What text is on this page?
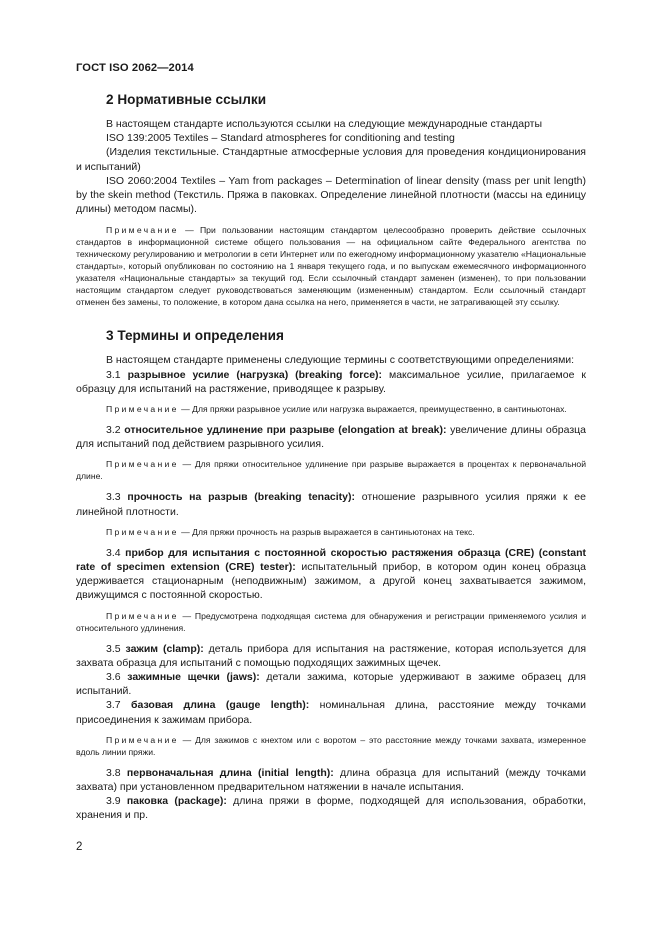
ГОСТ ISO 2062—2014
2 Нормативные ссылки

В настоящем стандарте используются ссылки на следующие международные стандарты

ISO 139:2005 Textiles – Standard atmospheres for conditioning and testing

(Изделия текстильные. Стандартные атмосферные условия для проведения кондиционирования и испытаний)

ISO 2060:2004 Textiles – Yam from packages – Determination of linear density (mass per unit length) by the skein method (Текстиль. Пряжа в паковках. Определение линейной плотности (массы на единицу длины) методом пасмы).

Примечание — При пользовании настоящим стандартом целесообразно проверить действие ссылочных стандартов в информационной системе общего пользования — на официальном сайте Федерального агентства по техническому регулированию и метрологии в сети Интернет или по ежегодному информационному указателю «Национальные стандарты», который опубликован по состоянию на 1 января текущего года, и по выпускам ежемесячного информационного указателя «Национальные стандарты» за текущий год. Если ссылочный стандарт заменен (изменен), то при пользовании настоящим стандартом следует руководствоваться заменяющим (измененным) стандартом. Если ссылочный стандарт отменен без замены, то положение, в котором дана ссылка на него, применяется в части, не затрагивающей эту ссылку.

3 Термины и определения

В настоящем стандарте применены следующие термины с соответствующими определениями:

3.1 разрывное усилие (нагрузка) (breaking force): максимальное усилие, прилагаемое к образцу для испытаний на растяжение, приводящее к разрыву.

Примечание — Для пряжи разрывное усилие или нагрузка выражается, преимущественно, в сантиньютонах.

3.2 относительное удлинение при разрыве (elongation at break): увеличение длины образца для испытаний под действием разрывного усилия.

Примечание — Для пряжи относительное удлинение при разрыве выражается в процентах к первоначальной длине.

3.3 прочность на разрыв (breaking tenacity): отношение разрывного усилия пряжи к ее линейной плотности.

Примечание — Для пряжи прочность на разрыв выражается в сантиньютонах на текс.

3.4 прибор для испытания с постоянной скоростью растяжения образца (CRE) (constant rate of specimen extension (CRE) tester): испытательный прибор, в котором один конец образца удерживается стационарным (неподвижным) зажимом, а другой конец захватывается зажимом, движущимся с постоянной скоростью.

Примечание — Предусмотрена подходящая система для обнаружения и регистрации применяемого усилия и относительного удлинения.

3.5 зажим (clamp): деталь прибора для испытания на растяжение, которая используется для захвата образца для испытаний с помощью подходящих зажимных щечек.

3.6 зажимные щечки (jaws): детали зажима, которые удерживают в зажиме образец для испытаний.

3.7 базовая длина (gauge length): номинальная длина, расстояние между точками присоединения к зажимам прибора.

Примечание — Для зажимов с кнехтом или с воротом – это расстояние между точками захвата, измеренное вдоль линии пряжи.

3.8 первоначальная длина (initial length): длина образца для испытаний (между точками захвата) при установленном предварительном натяжении в начале испытания.

3.9 паковка (package): длина пряжи в форме, подходящей для использования, обработки, хранения и пр.

2
